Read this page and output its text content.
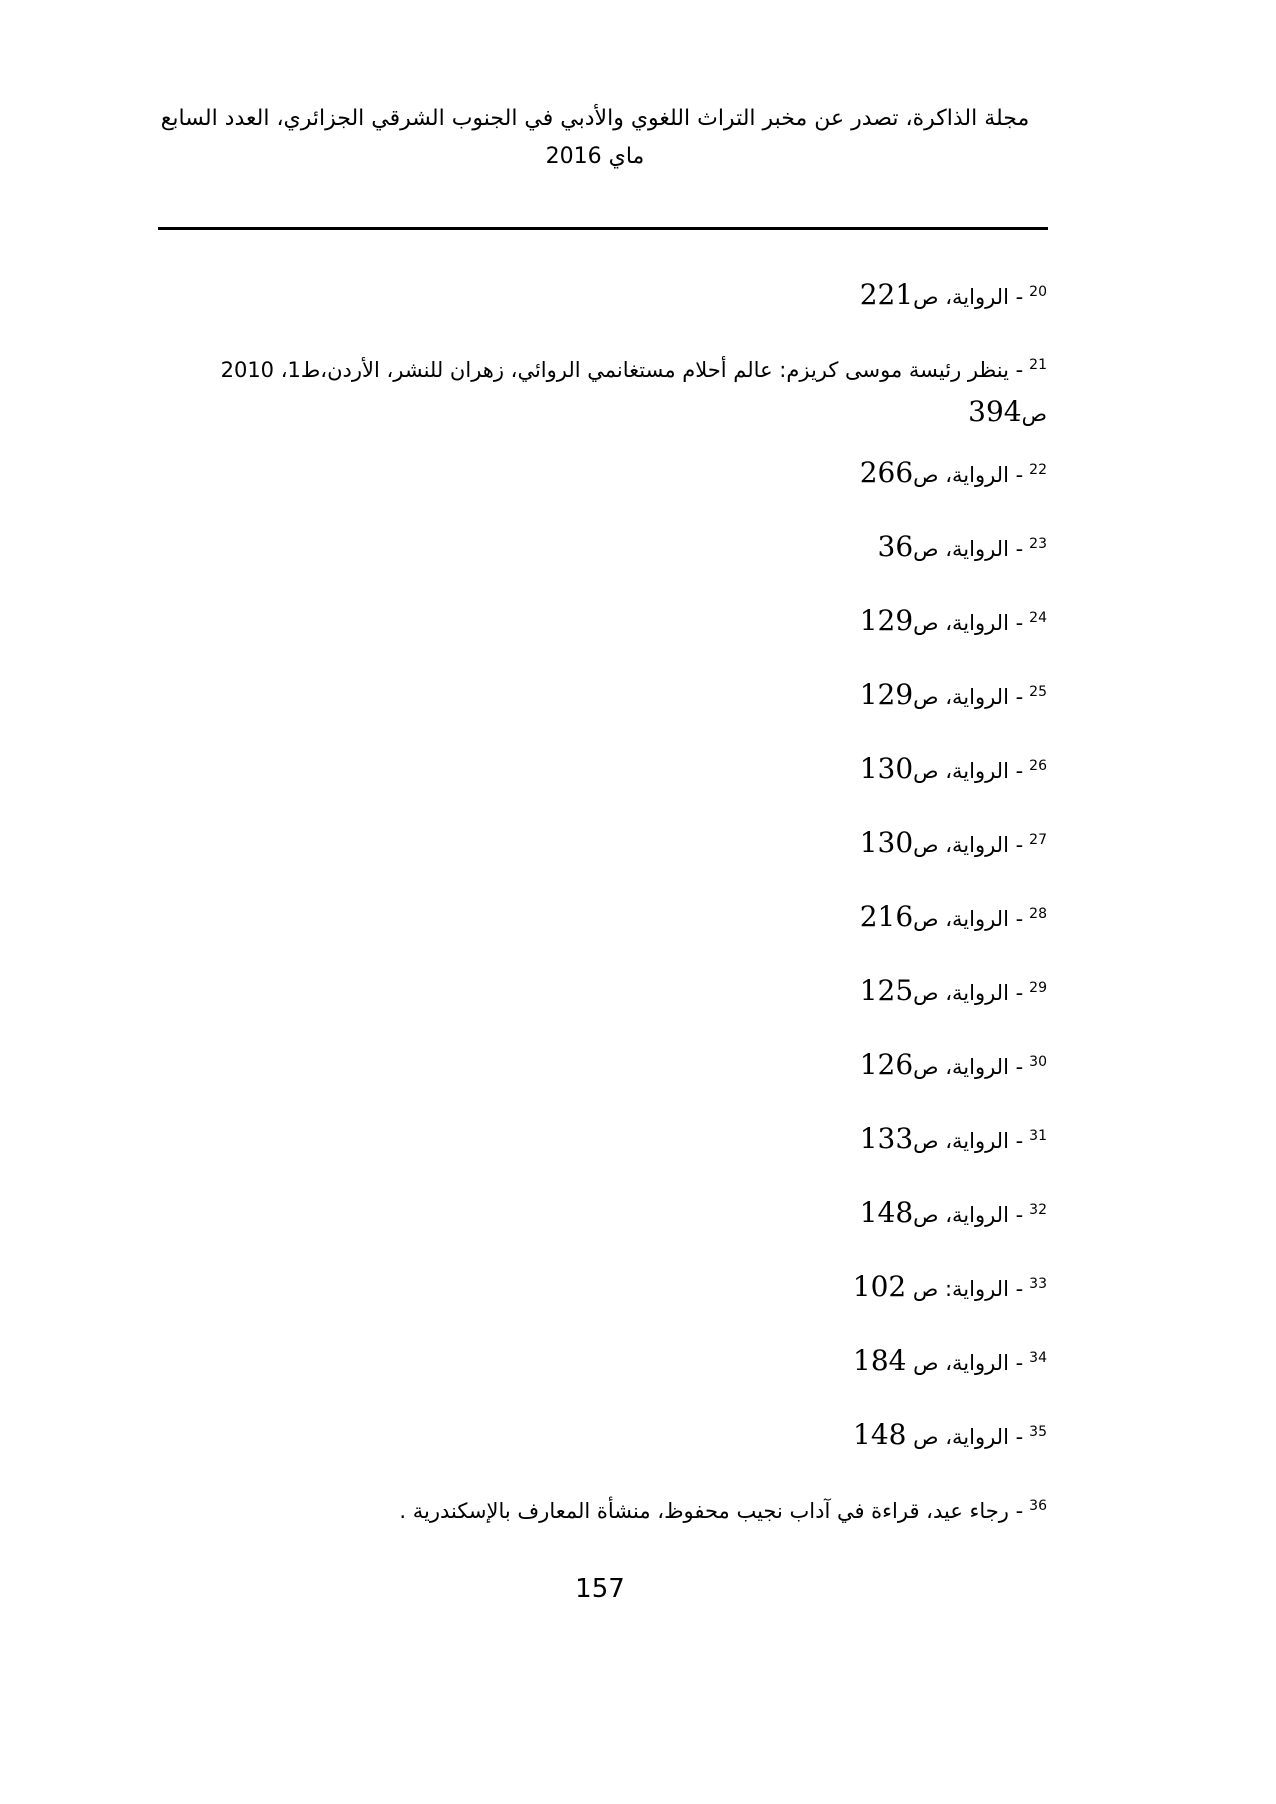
مجلة الذاكرة، تصدر عن مخبر التراث اللغوي والأدبي في الجنوب الشرقي الجزائري، العدد السابع
ماي 2016
$^{20}$- الرواية، ص221
$^{21}$- ينظر رئيسة موسى كريزم: عالم أحلام مستغانمي الروائي، زهران للنشر، الأردن،ط1، 2010 ص394
$^{22}$- الرواية، ص266
$^{23}$- الرواية، ص36
$^{24}$- الرواية، ص129
$^{25}$- الرواية، ص129
$^{26}$- الرواية، ص130
$^{27}$- الرواية، ص130
$^{28}$- الرواية، ص216
$^{29}$- الرواية، ص125
$^{30}$- الرواية، ص126
$^{31}$- الرواية، ص133
$^{32}$- الرواية، ص148
$^{33}$- الرواية: ص 102
$^{34}$- الرواية، ص 184
$^{35}$- الرواية، ص 148
$^{36}$- رجاء عيد، قراءة في آداب نجيب محفوظ، منشأة المعارف بالإسكندرية .
157
